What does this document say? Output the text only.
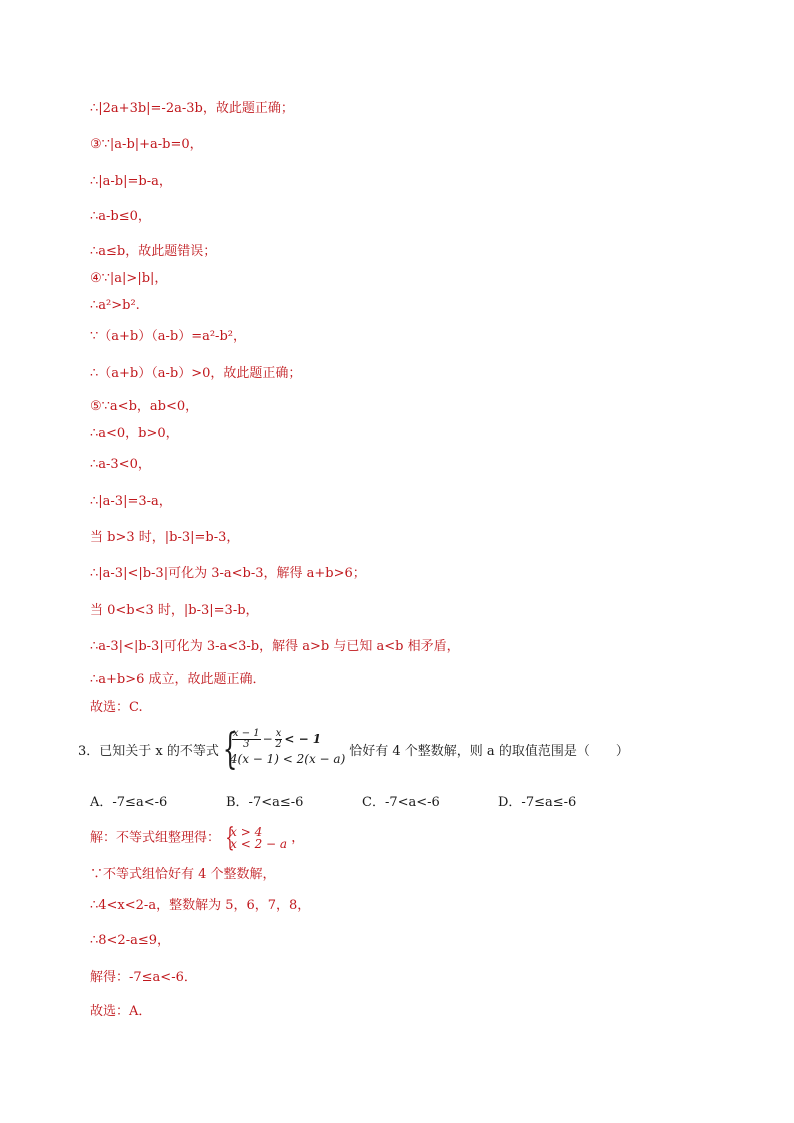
∴|2a+3b|=-2a-3b，故此题正确；
③∵|a-b|+a-b=0，
∴|a-b|=b-a，
∴a-b≤0，
∴a≤b，故此题错误；
④∵|a|>|b|，
∴a²>b².
∵（a+b）（a-b）=a²-b²，
∴（a+b）（a-b）>0，故此题正确；
⑤∵a<b，ab<0，
∴a<0，b>0，
∴a-3<0，
∴|a-3|=3-a，
当 b>3 时，|b-3|=b-3，
∴|a-3|<|b-3|可化为 3-a<b-3，解得 a+b>6；
当 0<b<3 时，|b-3|=3-b，
∴a-3|<|b-3|可化为 3-a<3-b，解得 a>b 与已知 a<b 相矛盾，
∴a+b>6 成立，故此题正确．
故选：C.
3． 已知关于 x 的不等式 {
$\frac{x - 1}{3} - \frac{x}{2}$ < − 1
4(x − 1) < 2(x − a)
恰好有 4 个整数解，则 a 的取值范围是（　　）
A．-7≤a<-6	B．-7<a≤-6	C．-7<a<-6	D．-7≤a≤-6
解：不等式组整理得： {
x > 4
x < 2 − a ，
∵不等式组恰好有 4 个整数解，
∴4<x<2-a，整数解为 5，6，7，8，
∴8<2-a≤9，
解得：-7≤a<-6．
故选：A．
